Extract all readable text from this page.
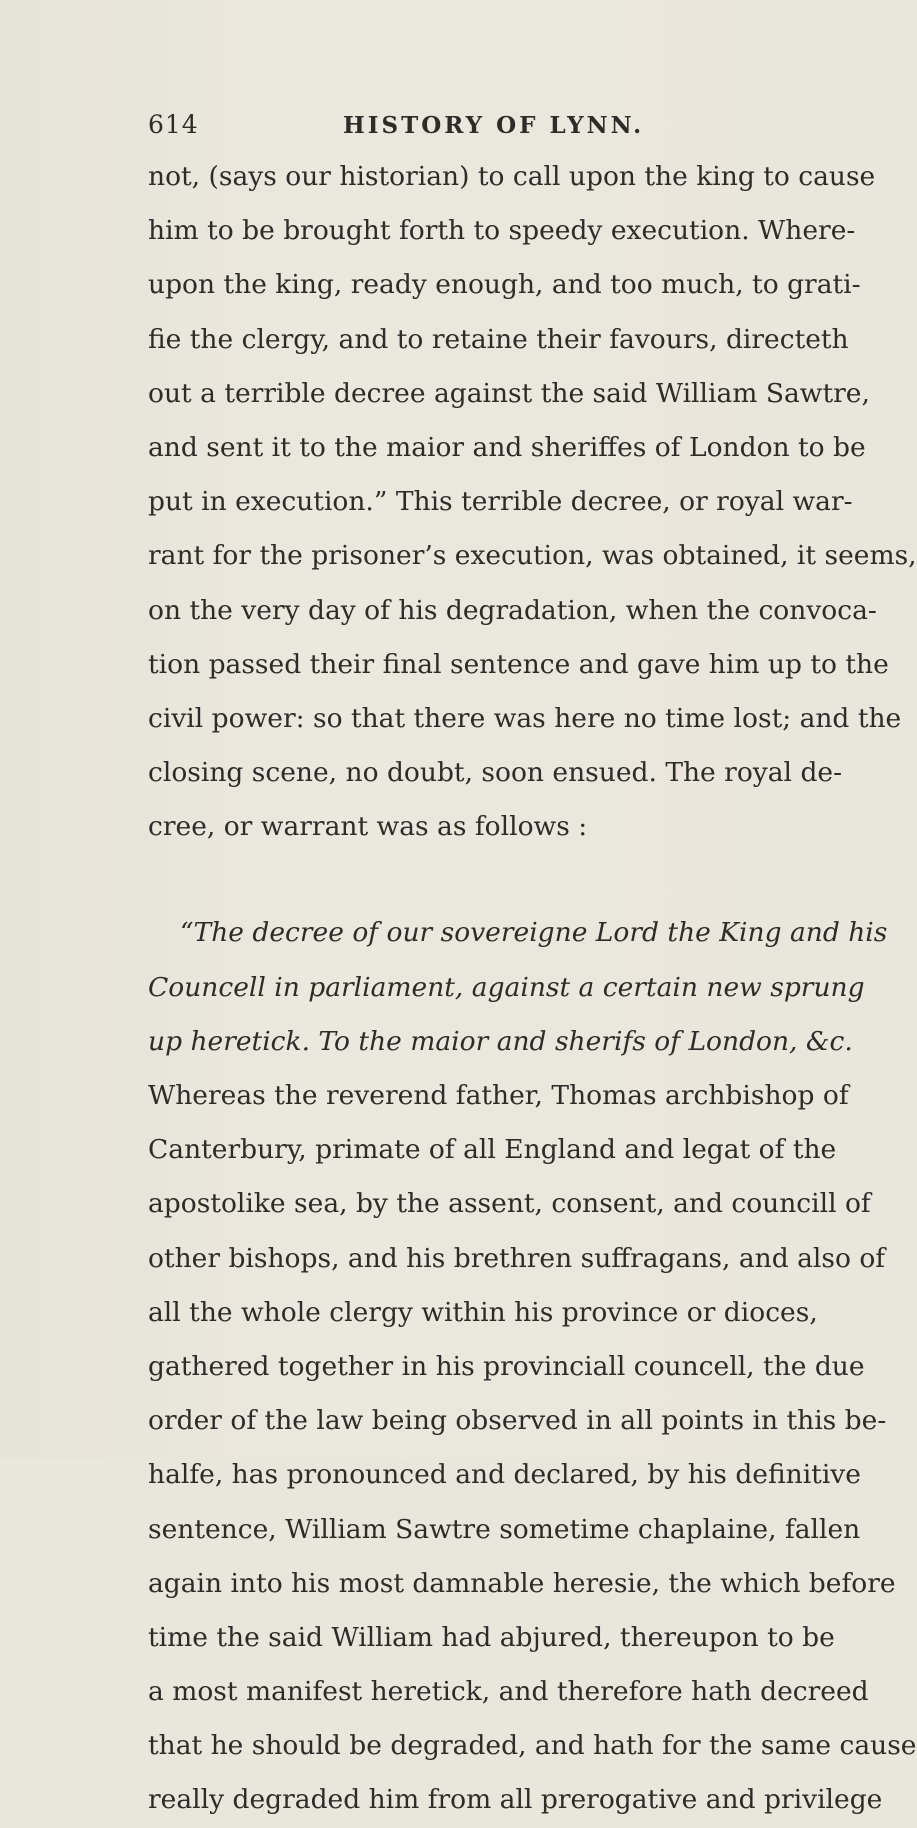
614	HISTORY OF LYNN.
not, (says our historian) to call upon the king to cause
him to be brought forth to speedy execution. Where-
upon the king, ready enough, and too much, to grati-
fie the clergy, and to retaine their favours, directeth
out a terrible decree against the said William Sawtre,
and sent it to the maior and sheriffes of London to be
put in execution.” This terrible decree, or royal war-
rant for the prisoner’s execution, was obtained, it seems,
on the very day of his degradation, when the convoca-
tion passed their final sentence and gave him up to the
civil power: so that there was here no time lost; and the
closing scene, no doubt, soon ensued. The royal de-
cree, or warrant was as follows :
“The decree of our sovereigne Lord the King and his
Councell in parliament, against a certain new sprung
up heretick. To the maior and sherifs of London, &c.
Whereas the reverend father, Thomas archbishop of
Canterbury, primate of all England and legat of the
apostolike sea, by the assent, consent, and councill of
other bishops, and his brethren suffragans, and also of
all the whole clergy within his province or dioces,
gathered together in his provinciall councell, the due
order of the law being observed in all points in this be-
halfe, has pronounced and declared, by his definitive
sentence, William Sawtre sometime chaplaine, fallen
again into his most damnable heresie, the which before
time the said William had abjured, thereupon to be
a most manifest heretick, and therefore hath decreed
that he should be degraded, and hath for the same cause
really degraded him from all prerogative and privilege
